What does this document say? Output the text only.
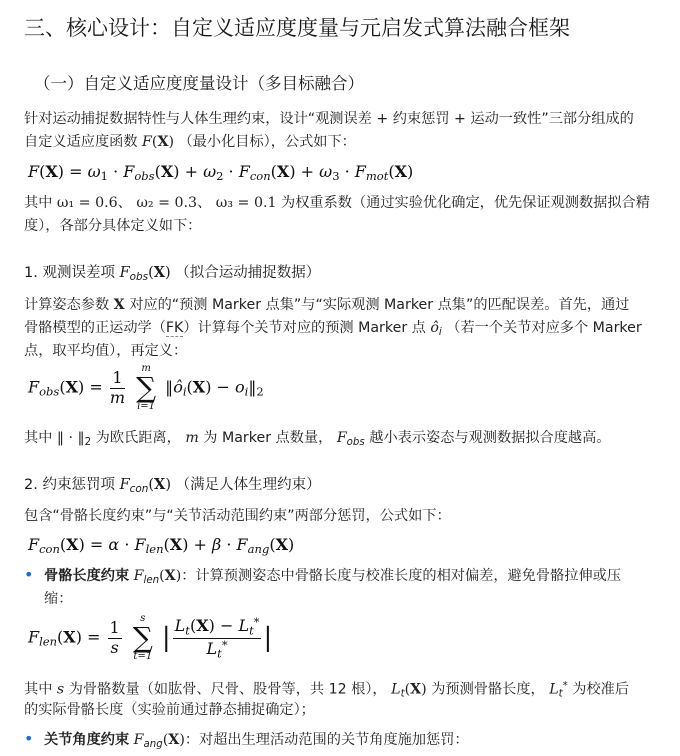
三、核心设计：自定义适应度度量与元启发式算法融合框架
（一）自定义适应度度量设计（多目标融合）
针对运动捕捉数据特性与人体生理约束，设计“观测误差 + 约束惩罚 + 运动一致性”三部分组成的
自定义适应度函数 F(X) （最小化目标），公式如下：
$F(X) = \omega_1 \cdot F_{obs}(X) + \omega_2 \cdot F_{con}(X) + \omega_3 \cdot F_{mot}(X)$
其中 ω₁ = 0.6、 ω₂ = 0.3、 ω₃ = 0.1 为权重系数（通过实验优化确定，优先保证观测数据拟合精
度），各部分具体定义如下：
1. 观测误差项 $F_{obs}(X)$ （拟合运动捕捉数据）
计算姿态参数 X 对应的“预测 Marker 点集”与“实际观测 Marker 点集”的匹配误差。首先，通过
骨骼模型的正运动学（FK）计算每个关节对应的预测 Marker 点 $ô_i$ （若一个关节对应多个 Marker
点，取平均值），再定义：
$F_{obs}(X) = \frac{1}{m}$

m
∑
i=1
$‖ô_i(X)$ − $o_i‖_2$
其中 ‖ · $‖_2$ 为欧氏距离， m 为 Marker 点数量， $F_{obs}$ 越小表示姿态与观测数据拟合度越高。
2. 约束惩罚项 $F_{con}(X)$ （满足人体生理约束）
包含“骨骼长度约束”与“关节活动范围约束”两部分惩罚，公式如下：
$F_{con}(X) = \alpha \cdot F_{len}(X) + \beta \cdot F_{ang}(X)$
• 骨骼长度约束 $F_{len}(X)$：计算预测姿态中骨骼长度与校准长度的相对偏差，避免骨骼拉伸或压
缩：
$F_{len}(X) = \frac{1}{s}$

s
∑
t=1
| $\frac{L_t(X) - L_t^*}{L_t^*}$ |
其中 s 为骨骼数量（如肱骨、尺骨、股骨等，共 12 根）， $L_t(X)$ 为预测骨骼长度， $L_t^*$ 为校准后
的实际骨骼长度（实验前通过静态捕捉确定）；
• 关节角度约束 $F_{ang}(X)$：对超出生理活动范围的关节角度施加惩罚：
